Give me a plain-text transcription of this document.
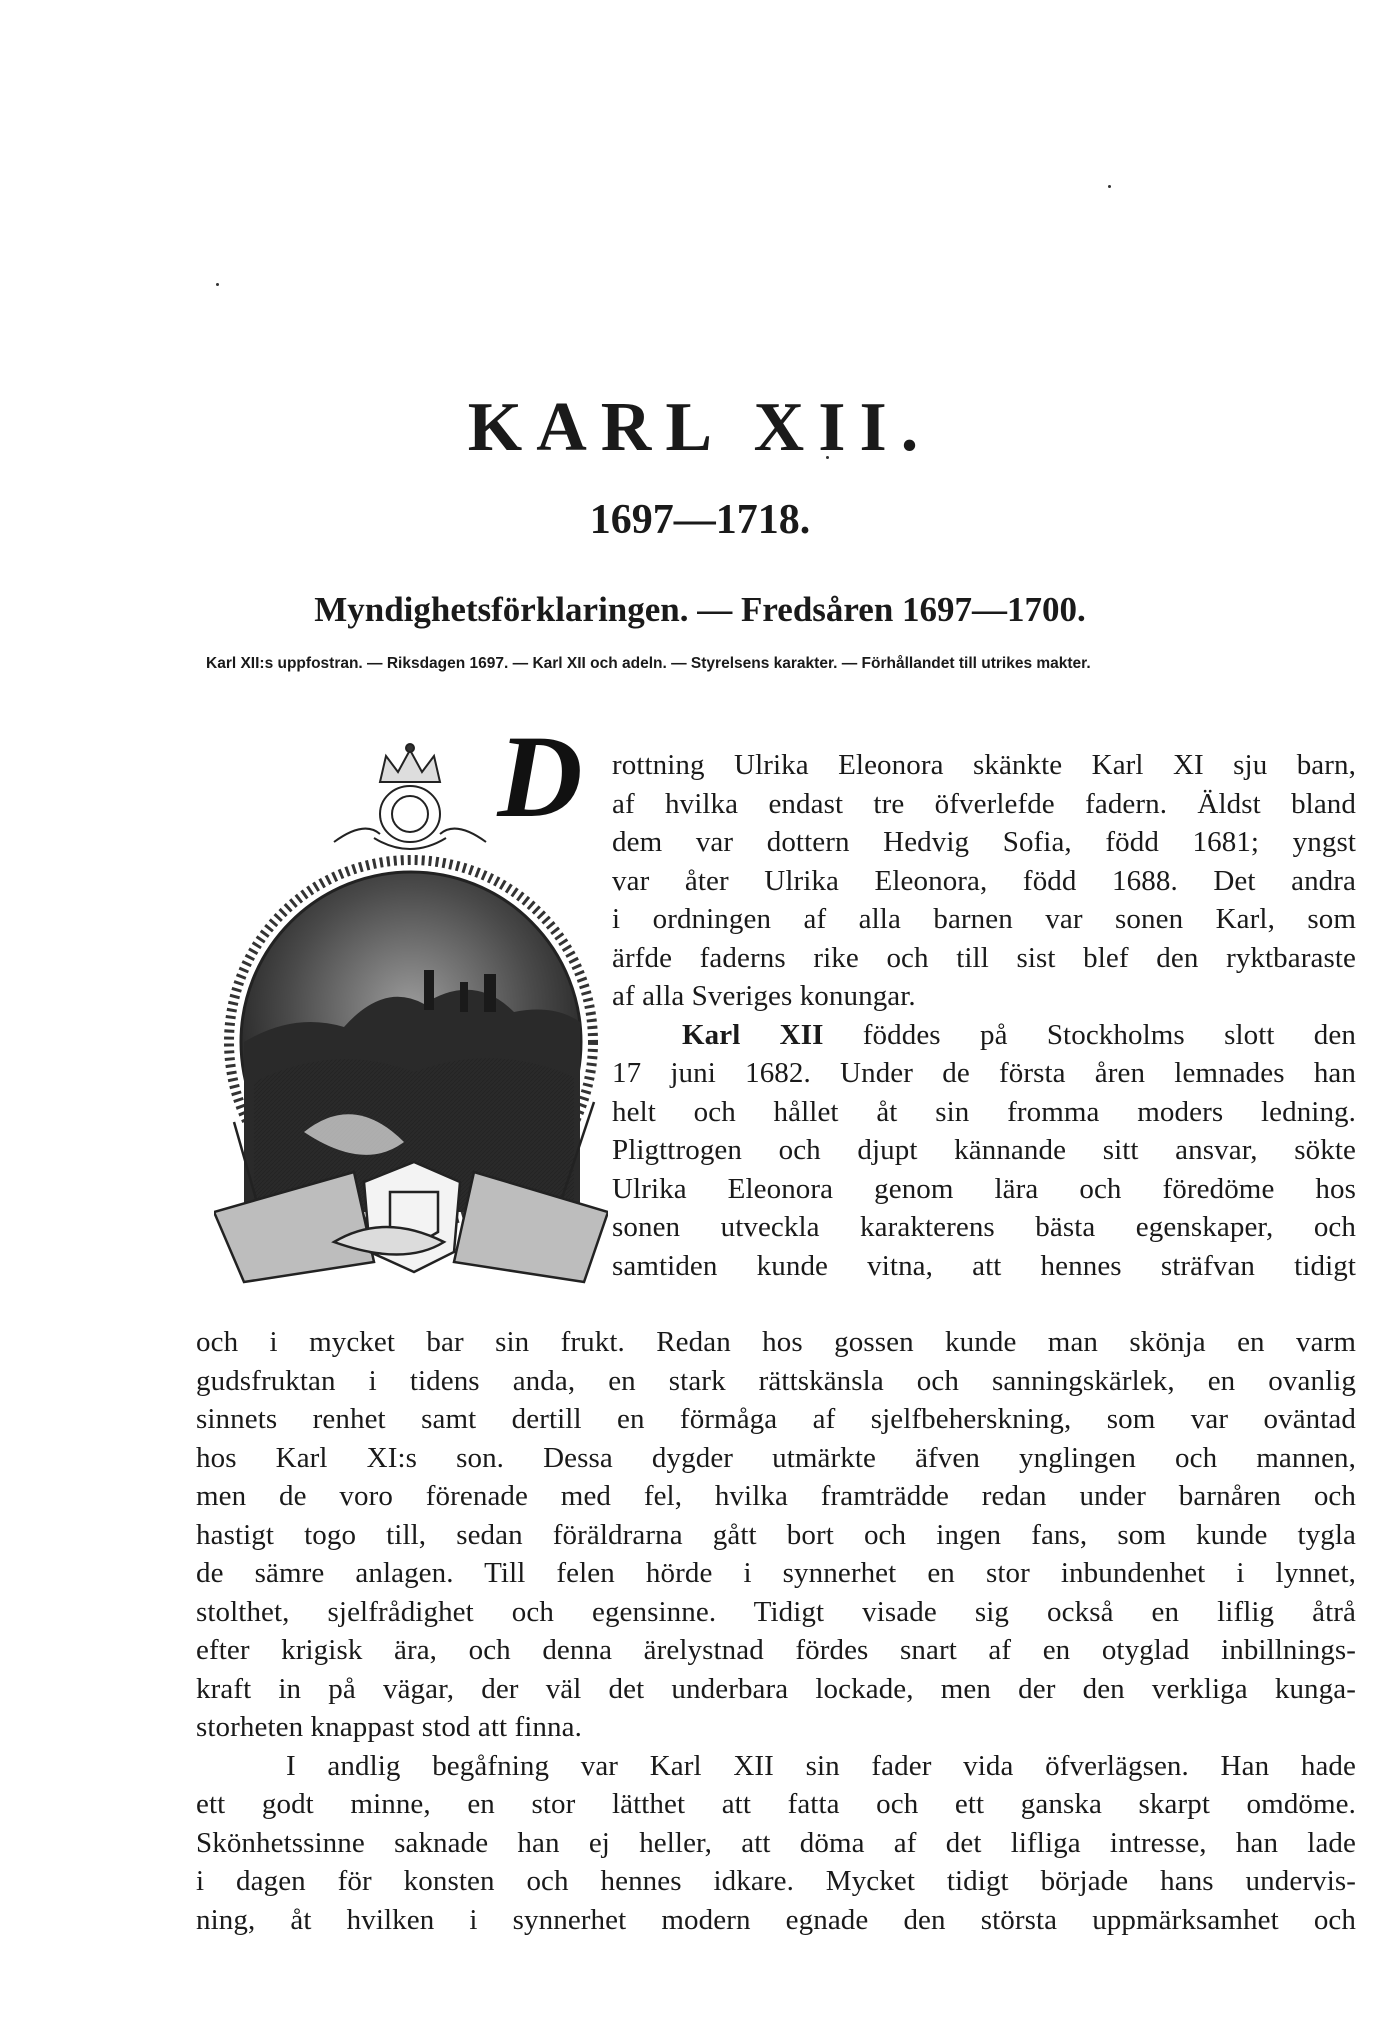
KARL XII.
1697—1718.
Myndighetsförklaringen. — Fredsåren 1697—1700.

Karl XII:s uppfostran. — Riksdagen 1697. — Karl XII och adeln. — Styrelsens karakter. — Förhållandet till utrikes makter.

D	rottning Ulrika Eleonora skänkte Karl XI sju barn,
af hvilka endast tre öfverlefde fadern. Äldst bland
dem var dottern Hedvig Sofia, född 1681; yngst
var åter Ulrika Eleonora, född 1688. Det andra
i ordningen af alla barnen var sonen Karl, som
ärfde faderns rike och till sist blef den ryktbaraste
af alla Sveriges konungar.
Karl XII föddes på Stockholms slott den
17 juni 1682. Under de första åren lemnades han
helt och hållet åt sin fromma moders ledning.
Pligttrogen och djupt kännande sitt ansvar, sökte
Ulrika Eleonora genom lära och föredöme hos
sonen utveckla karakterens bästa egenskaper, och
samtiden kunde vitna, att hennes sträfvan tidigt
och i mycket bar sin frukt. Redan hos gossen kunde man skönja en varm
gudsfruktan i tidens anda, en stark rättskänsla och sanningskärlek, en ovanlig
sinnets renhet samt dertill en förmåga af sjelfbeherskning, som var oväntad
hos Karl XI:s son. Dessa dygder utmärkte äfven ynglingen och mannen,
men de voro förenade med fel, hvilka framträdde redan under barnåren och
hastigt togo till, sedan föräldrarna gått bort och ingen fans, som kunde tygla
de sämre anlagen. Till felen hörde i synnerhet en stor inbundenhet i lynnet,
stolthet, sjelfrådighet och egensinne. Tidigt visade sig också en liflig åtrå
efter krigisk ära, och denna ärelystnad fördes snart af en otyglad inbillnings-
kraft in på vägar, der väl det underbara lockade, men der den verkliga kunga-
storheten knappast stod att finna.
I andlig begåfning var Karl XII sin fader vida öfverlägsen. Han hade
ett godt minne, en stor lätthet att fatta och ett ganska skarpt omdöme.
Skönhetssinne saknade han ej heller, att döma af det lifliga intresse, han lade
i dagen för konsten och hennes idkare. Mycket tidigt började hans undervis-
ning, åt hvilken i synnerhet modern egnade den största uppmärksamhet och
